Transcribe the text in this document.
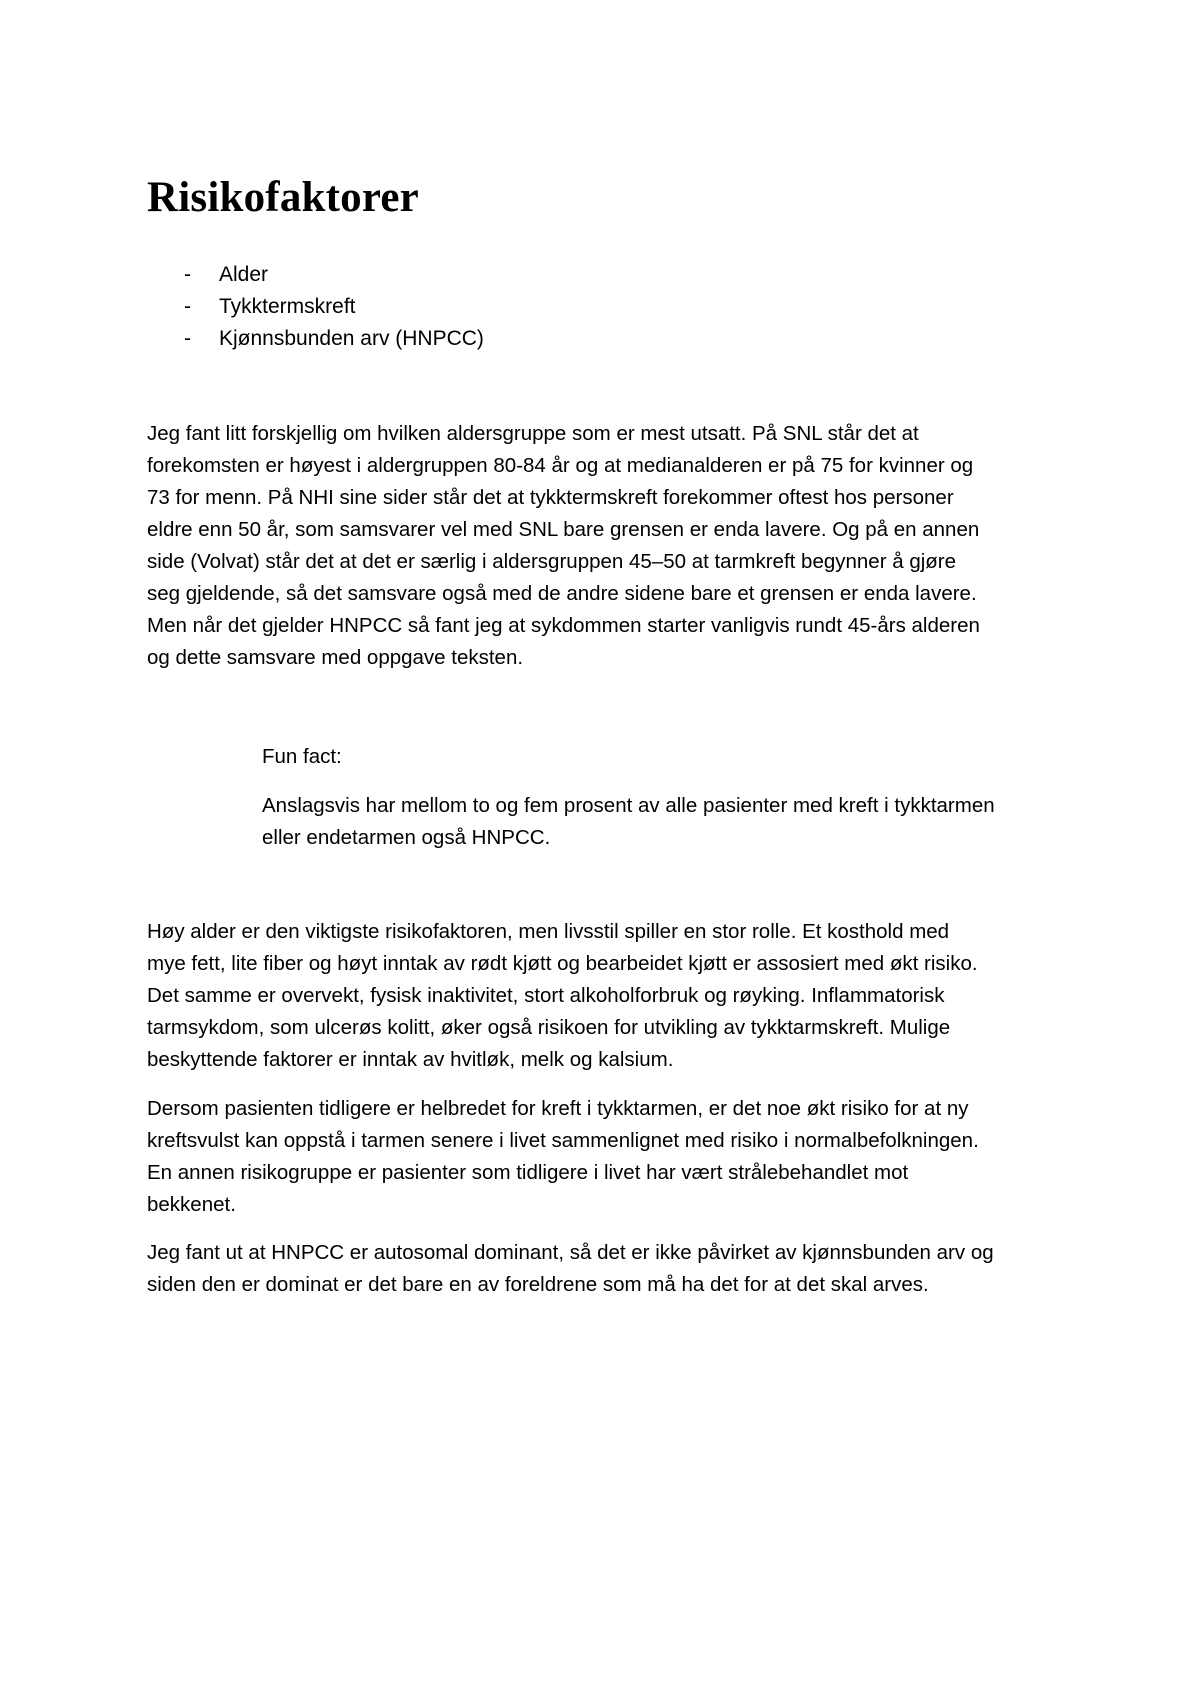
Risikofaktorer
- Alder
- Tykktermskreft
- Kjønnsbunden arv (HNPCC)

Jeg fant litt forskjellig om hvilken aldersgruppe som er mest utsatt. På SNL står det at
forekomsten er høyest i aldergruppen 80-84 år og at medianalderen er på 75 for kvinner og
73 for menn. På NHI sine sider står det at tykktermskreft forekommer oftest hos personer
eldre enn 50 år, som samsvarer vel med SNL bare grensen er enda lavere. Og på en annen
side (Volvat) står det at det er særlig i aldersgruppen 45–50 at tarmkreft begynner å gjøre
seg gjeldende, så det samsvare også med de andre sidene bare et grensen er enda lavere.
Men når det gjelder HNPCC så fant jeg at sykdommen starter vanligvis rundt 45-års alderen
og dette samsvare med oppgave teksten.

Fun fact:

Anslagsvis har mellom to og fem prosent av alle pasienter med kreft i tykktarmen
eller endetarmen også HNPCC.

Høy alder er den viktigste risikofaktoren, men livsstil spiller en stor rolle. Et kosthold med
mye fett, lite fiber og høyt inntak av rødt kjøtt og bearbeidet kjøtt er assosiert med økt risiko.
Det samme er overvekt, fysisk inaktivitet, stort alkoholforbruk og røyking. Inflammatorisk
tarmsykdom, som ulcerøs kolitt, øker også risikoen for utvikling av tykktarmskreft. Mulige
beskyttende faktorer er inntak av hvitløk, melk og kalsium.

Dersom pasienten tidligere er helbredet for kreft i tykktarmen, er det noe økt risiko for at ny
kreftsvulst kan oppstå i tarmen senere i livet sammenlignet med risiko i normalbefolkningen.
En annen risikogruppe er pasienter som tidligere i livet har vært strålebehandlet mot
bekkenet.

Jeg fant ut at HNPCC er autosomal dominant, så det er ikke påvirket av kjønnsbunden arv og
siden den er dominat er det bare en av foreldrene som må ha det for at det skal arves.
